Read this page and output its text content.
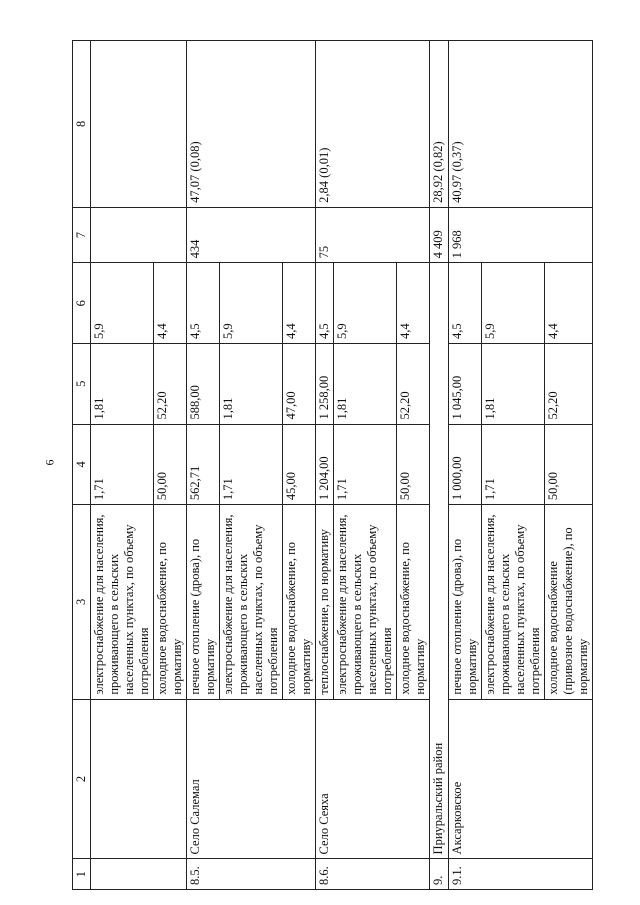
6
1	2	3	4	5	6	7	8
		электроснабжение для населения, проживающего в сельских населенных пунктах, по объему потребления	1,71	1,81	5,9		
		холодное водоснабжение, по нормативу	50,00	52,20	4,4		
8.5.	Село Салемал	печное отопление (дрова), по нормативу	562,71	588,00	4,5	434	47,07 (0,08)
		электроснабжение для населения, проживающего в сельских населенных пунктах, по объему потребления	1,71	1,81	5,9		
		холодное водоснабжение, по нормативу	45,00	47,00	4,4		
8.6.	Село Сеяха	теплоснабжение, по нормативу	1 204,00	1 258,00	4,5	75	2,84 (0,01)
		электроснабжение для населения, проживающего в сельских населенных пунктах, по объему потребления	1,71	1,81	5,9		
		холодное водоснабжение, по нормативу	50,00	52,20	4,4		
9.	Приуральский район					4 409	28,92 (0,82)
9.1.	Аксарковское	печное отопление (дрова), по нормативу	1 000,00	1 045,00	4,5	1 968	40,97 (0,37)
		электроснабжение для населения, проживающего в сельских населенных пунктах, по объему потребления	1,71	1,81	5,9		
		холодное водоснабжение (привозное водоснабжение), по нормативу	50,00	52,20	4,4		
